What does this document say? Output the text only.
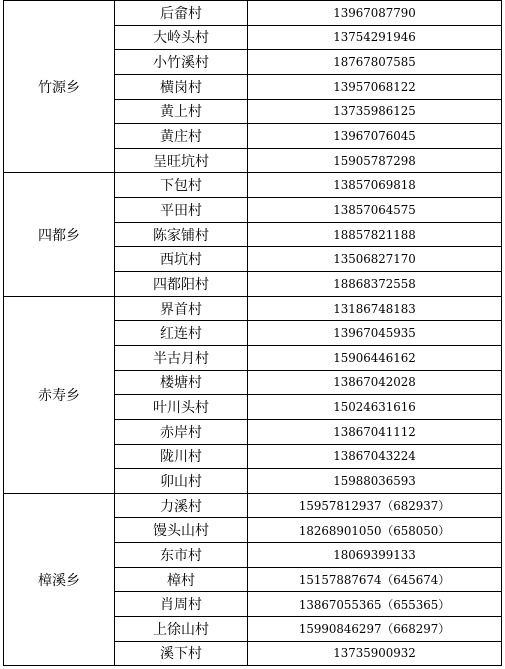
竹源乡	后畲村	13967087790
	大岭头村	13754291946
	小竹溪村	18767807585
	横岗村	13957068122
	黄上村	13735986125
	黄庄村	13967076045
	呈旺坑村	15905787298
四都乡	下包村	13857069818
	平田村	13857064575
	陈家铺村	18857821188
	西坑村	13506827170
	四都阳村	18868372558
赤寿乡	界首村	13186748183
	红连村	13967045935
	半古月村	15906446162
	楼塘村	13867042028
	叶川头村	15024631616
	赤岸村	13867041112
	陇川村	13867043224
	卯山村	15988036593
樟溪乡	力溪村	15957812937（682937）
	馒头山村	18268901050（658050）
	东市村	18069399133
	樟村	15157887674（645674）
	肖周村	13867055365（655365）
	上徐山村	15990846297（668297）
	溪下村	13735900932
